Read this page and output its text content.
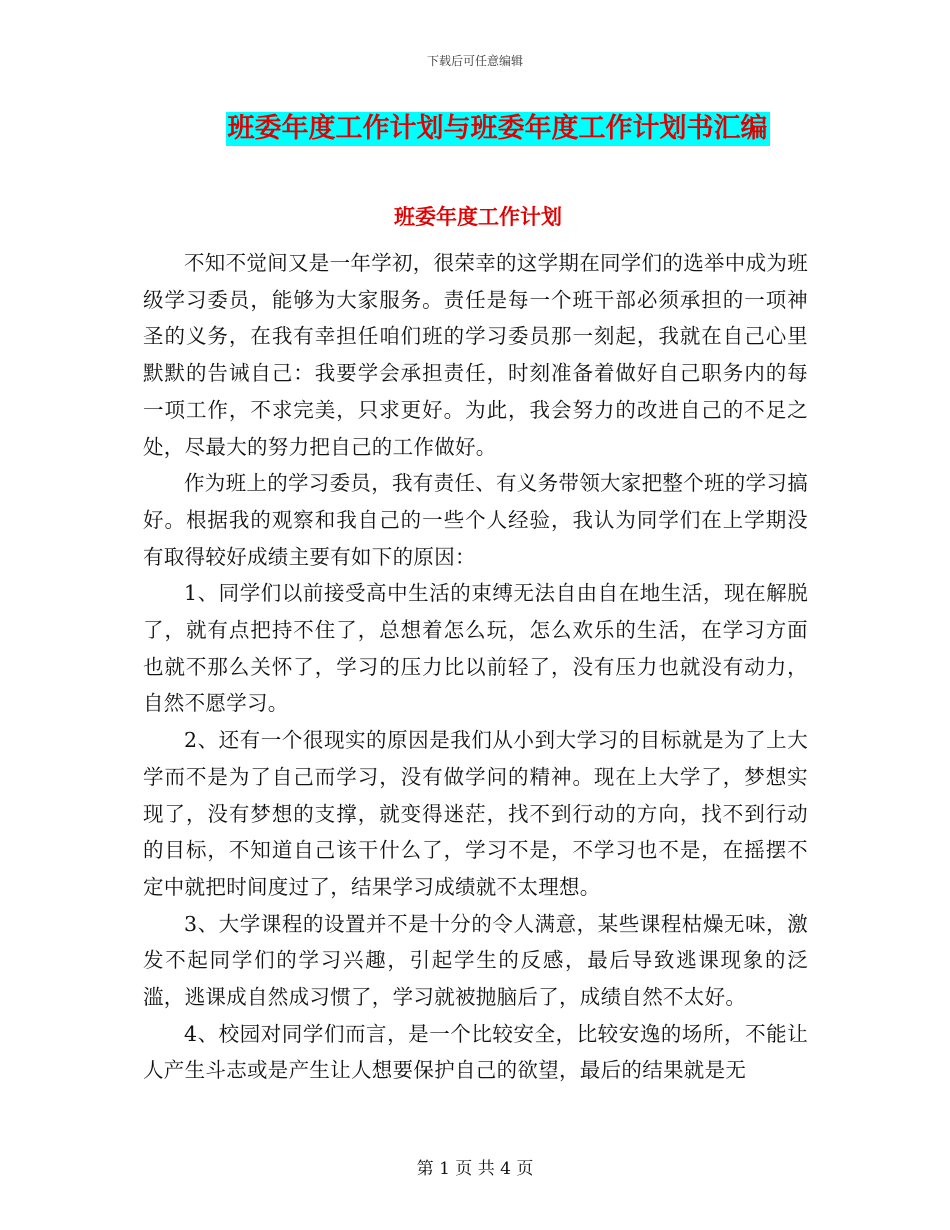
下载后可任意编辑
班委年度工作计划与班委年度工作计划书汇编
班委年度工作计划

不知不觉间又是一年学初，很荣幸的这学期在同学们的选举中成为班级学习委员，能够为大家服务。责任是每一个班干部必须承担的一项神圣的义务，在我有幸担任咱们班的学习委员那一刻起，我就在自己心里默默的告诫自己：我要学会承担责任，时刻准备着做好自己职务内的每一项工作，不求完美，只求更好。为此，我会努力的改进自己的不足之处，尽最大的努力把自己的工作做好。

作为班上的学习委员，我有责任、有义务带领大家把整个班的学习搞好。根据我的观察和我自己的一些个人经验，我认为同学们在上学期没有取得较好成绩主要有如下的原因：

1、同学们以前接受高中生活的束缚无法自由自在地生活，现在解脱了，就有点把持不住了，总想着怎么玩，怎么欢乐的生活，在学习方面也就不那么关怀了，学习的压力比以前轻了，没有压力也就没有动力，自然不愿学习。

2、还有一个很现实的原因是我们从小到大学习的目标就是为了上大学而不是为了自己而学习，没有做学问的精神。现在上大学了，梦想实现了，没有梦想的支撑，就变得迷茫，找不到行动的方向，找不到行动的目标，不知道自己该干什么了，学习不是，不学习也不是，在摇摆不定中就把时间度过了，结果学习成绩就不太理想。

3、大学课程的设置并不是十分的令人满意，某些课程枯燥无味，激发不起同学们的学习兴趣，引起学生的反感，最后导致逃课现象的泛滥，逃课成自然成习惯了，学习就被抛脑后了，成绩自然不太好。

4、校园对同学们而言，是一个比较安全，比较安逸的场所，不能让人产生斗志或是产生让人想要保护自己的欲望，最后的结果就是无

第 1 页 共 4 页
